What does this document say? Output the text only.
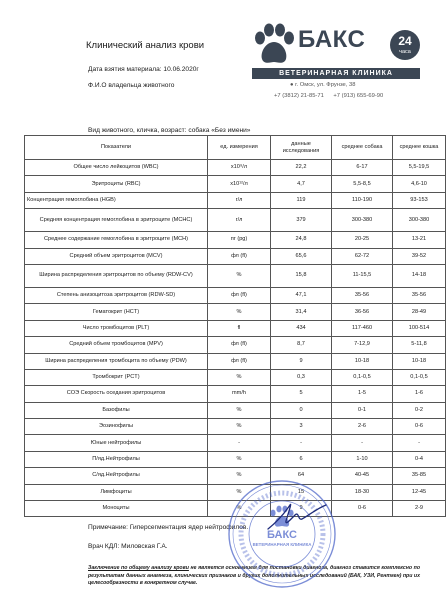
Клинический анализ крови
Дата взятия материала: 10.06.2020г
Ф.И.О владельца животного
Вид животного, кличка, возраст: собака «Без имени»
БАКС	24
часа
ВЕТЕРИНАРНАЯ КЛИНИКА
● г. Омск, ул. Фрунзе, 38
+7 (3812) 21-85-71 +7 (913) 655-69-90
Показатели	ед. измерения	данные исследования	среднее собака	среднее кошка
Общее число лейкоцитов (WBC)	x10⁹/л	22,2	6-17	5,5-19,5
Эритроциты (RBC)	x10¹²/л	4,7	5,5-8,5	4,6-10
Концентрация гемоглобина (HGB)	г/л	119	110-190	93-153
Средняя концентрация гемоглобина в эритроците (MCHC)	г/л	379	300-380	300-380
Среднее содержание гемоглобина в эритроците (MCH)	пг (pg)	24,8	20-25	13-21
Средний объем эритроцитов (MCV)	фл (fl)	65,6	62-72	39-52
Ширина распределения эритроцитов по объему (RDW-CV)	%	15,8	11-15,5	14-18
Степень анизоцитоза эритроцитов (RDW-SD)	фл (fl)	47,1	35-56	35-56
Гематокрит (HCT)	%	31,4	36-56	28-49
Число тромбоцитов (PLT)	fl	434	117-460	100-514
Средний объем тромбоцитов (MPV)	фл (fl)	8,7	7-12,9	5-11,8
Ширина распределения тромбоцита по объему (PDW)	фл (fl)	9	10-18	10-18
Тромбокрит (PCT)	%	0,3	0,1-0,5	0,1-0,5
СОЭ Скорость оседания эритроцитов	mm/h	5	1-5	1-6
Базофилы	%	0	0-1	0-2
Эозинофилы	%	3	2-6	0-6
Юные нейтрофилы	-	-	-	-
П/яд.Нейтрофилы	%	6	1-10	0-4
С/яд.Нейтрофилы	%	64	40-45	35-85
Лимфоциты	%	15	18-30	12-45
Моноциты	%	9	0-6	2-9
Примечание: Гиперсегментация ядер нейтрофилов.
Врач КДЛ: Миловская Г.А.
Заключение по общему анализу крови не является основанием для постановки диагноза, диагноз ставится комплексно по результатам данных анамнеза, клинических признаков и других дополнительных исследований (БАК, УЗИ, Рентген) при их целесообразности в конкретном случае.
БАКС
ВЕТЕРИНАРНАЯ КЛИНИКА
